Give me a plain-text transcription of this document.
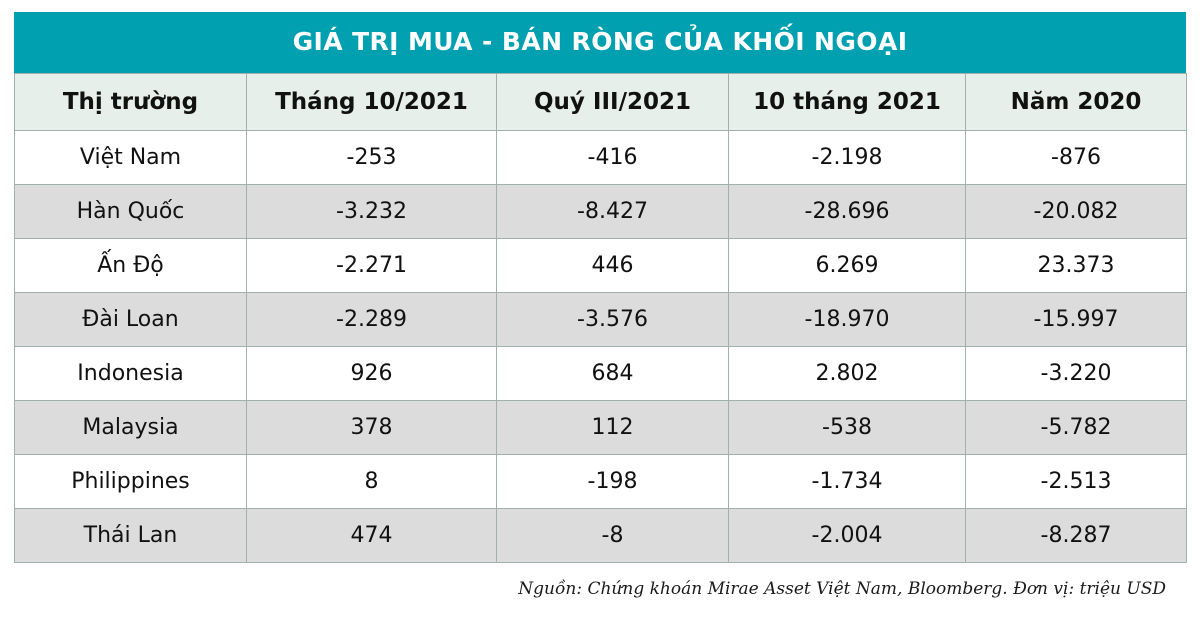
GIÁ TRỊ MUA - BÁN RÒNG CỦA KHỐI NGOẠI
Thị trường	Tháng 10/2021	Quý III/2021	10 tháng 2021	Năm 2020
Việt Nam	-253	-416	-2.198	-876
Hàn Quốc	-3.232	-8.427	-28.696	-20.082
Ấn Độ	-2.271	446	6.269	23.373
Đài Loan	-2.289	-3.576	-18.970	-15.997
Indonesia	926	684	2.802	-3.220
Malaysia	378	112	-538	-5.782
Philippines	8	-198	-1.734	-2.513
Thái Lan	474	-8	-2.004	-8.287
Nguồn: Chứng khoán Mirae Asset Việt Nam, Bloomberg. Đơn vị: triệu USD
